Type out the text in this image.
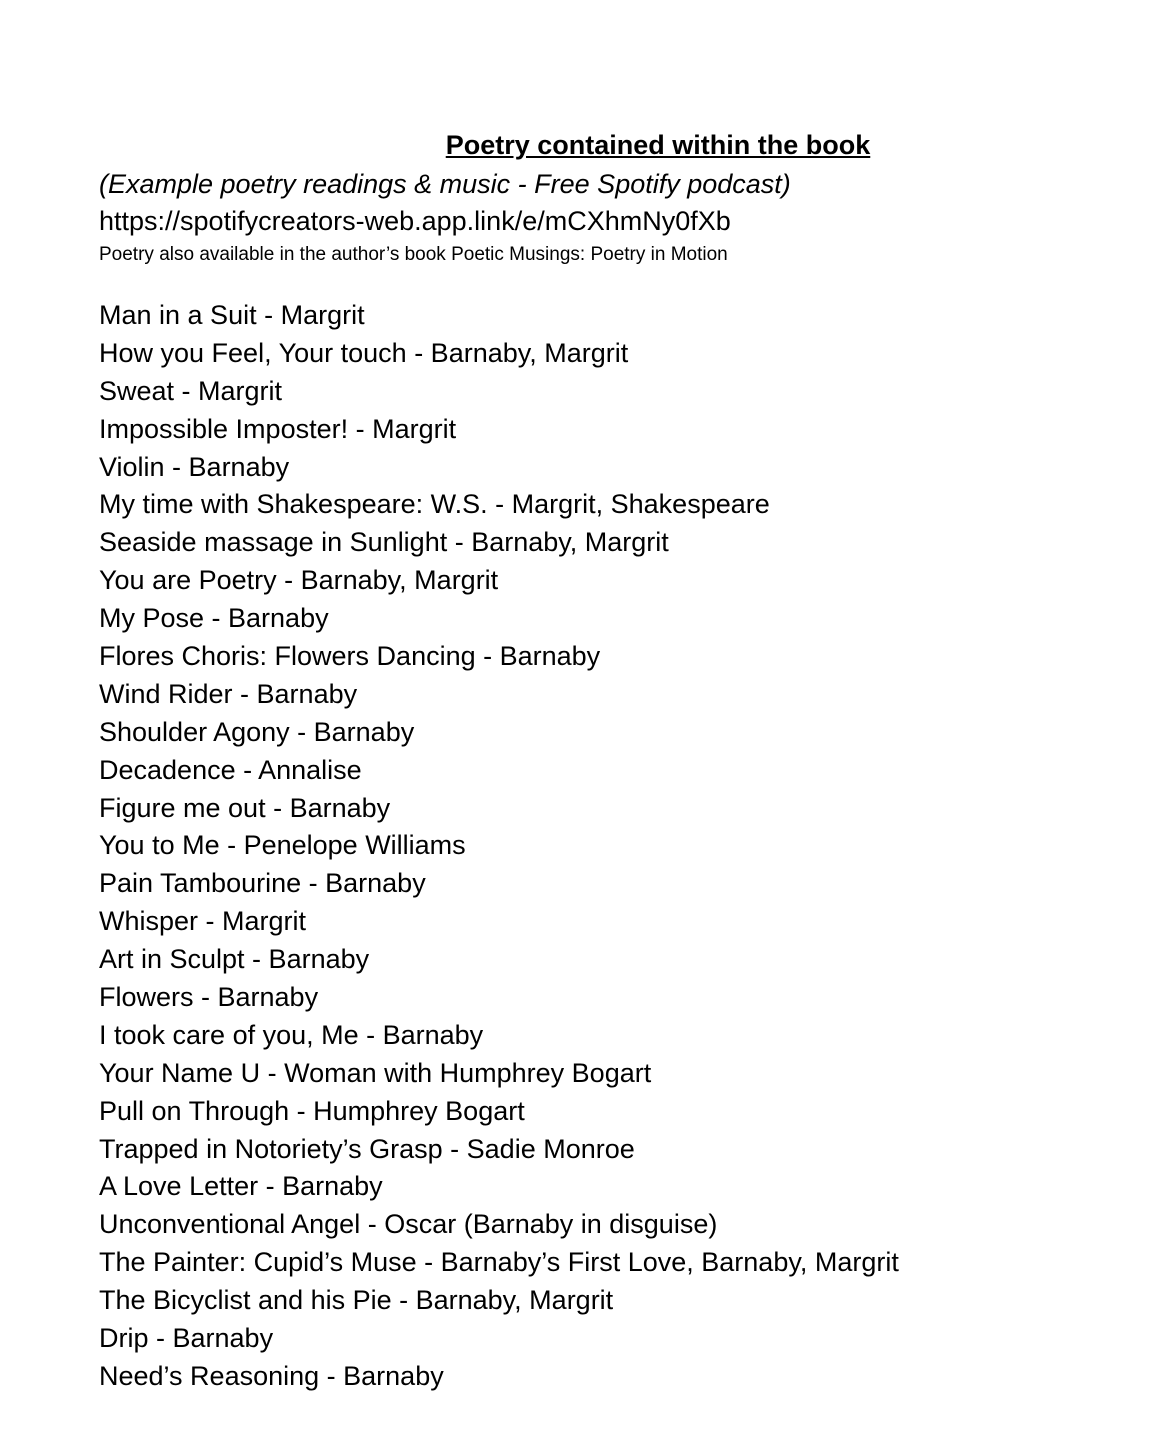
Poetry contained within the book
(Example poetry readings & music - Free Spotify podcast)
https://spotifycreators-web.app.link/e/mCXhmNy0fXb
Poetry also available in the author’s book Poetic Musings: Poetry in Motion
Man in a Suit - Margrit
How you Feel, Your touch - Barnaby, Margrit
Sweat - Margrit
Impossible Imposter! - Margrit
Violin - Barnaby
My time with Shakespeare: W.S. - Margrit, Shakespeare
Seaside massage in Sunlight - Barnaby, Margrit
You are Poetry - Barnaby, Margrit
My Pose - Barnaby
Flores Choris: Flowers Dancing - Barnaby
Wind Rider - Barnaby
Shoulder Agony - Barnaby
Decadence - Annalise
Figure me out - Barnaby
You to Me - Penelope Williams
Pain Tambourine - Barnaby
Whisper - Margrit
Art in Sculpt - Barnaby
Flowers - Barnaby
I took care of you, Me - Barnaby
Your Name U - Woman with Humphrey Bogart
Pull on Through - Humphrey Bogart
Trapped in Notoriety’s Grasp - Sadie Monroe
A Love Letter - Barnaby
Unconventional Angel - Oscar (Barnaby in disguise)
The Painter: Cupid’s Muse - Barnaby’s First Love, Barnaby, Margrit
The Bicyclist and his Pie - Barnaby, Margrit
Drip - Barnaby
Need’s Reasoning - Barnaby
